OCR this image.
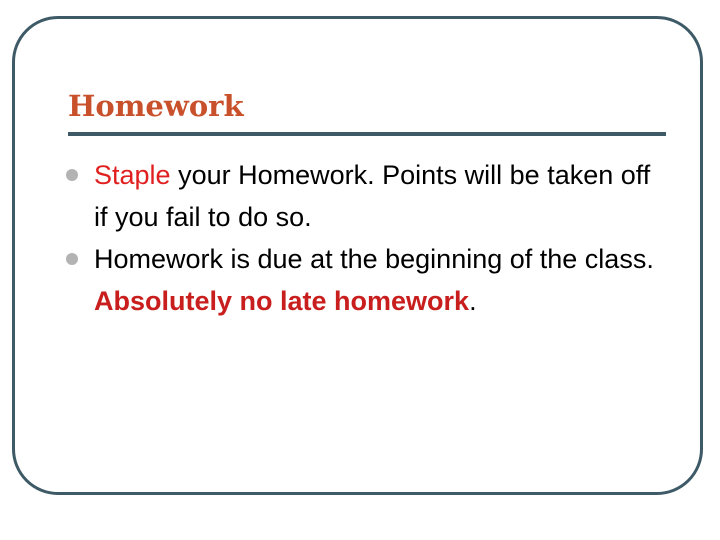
Homework
Staple your Homework. Points will be taken off if you fail to do so.
Homework is due at the beginning of the class. Absolutely no late homework.
